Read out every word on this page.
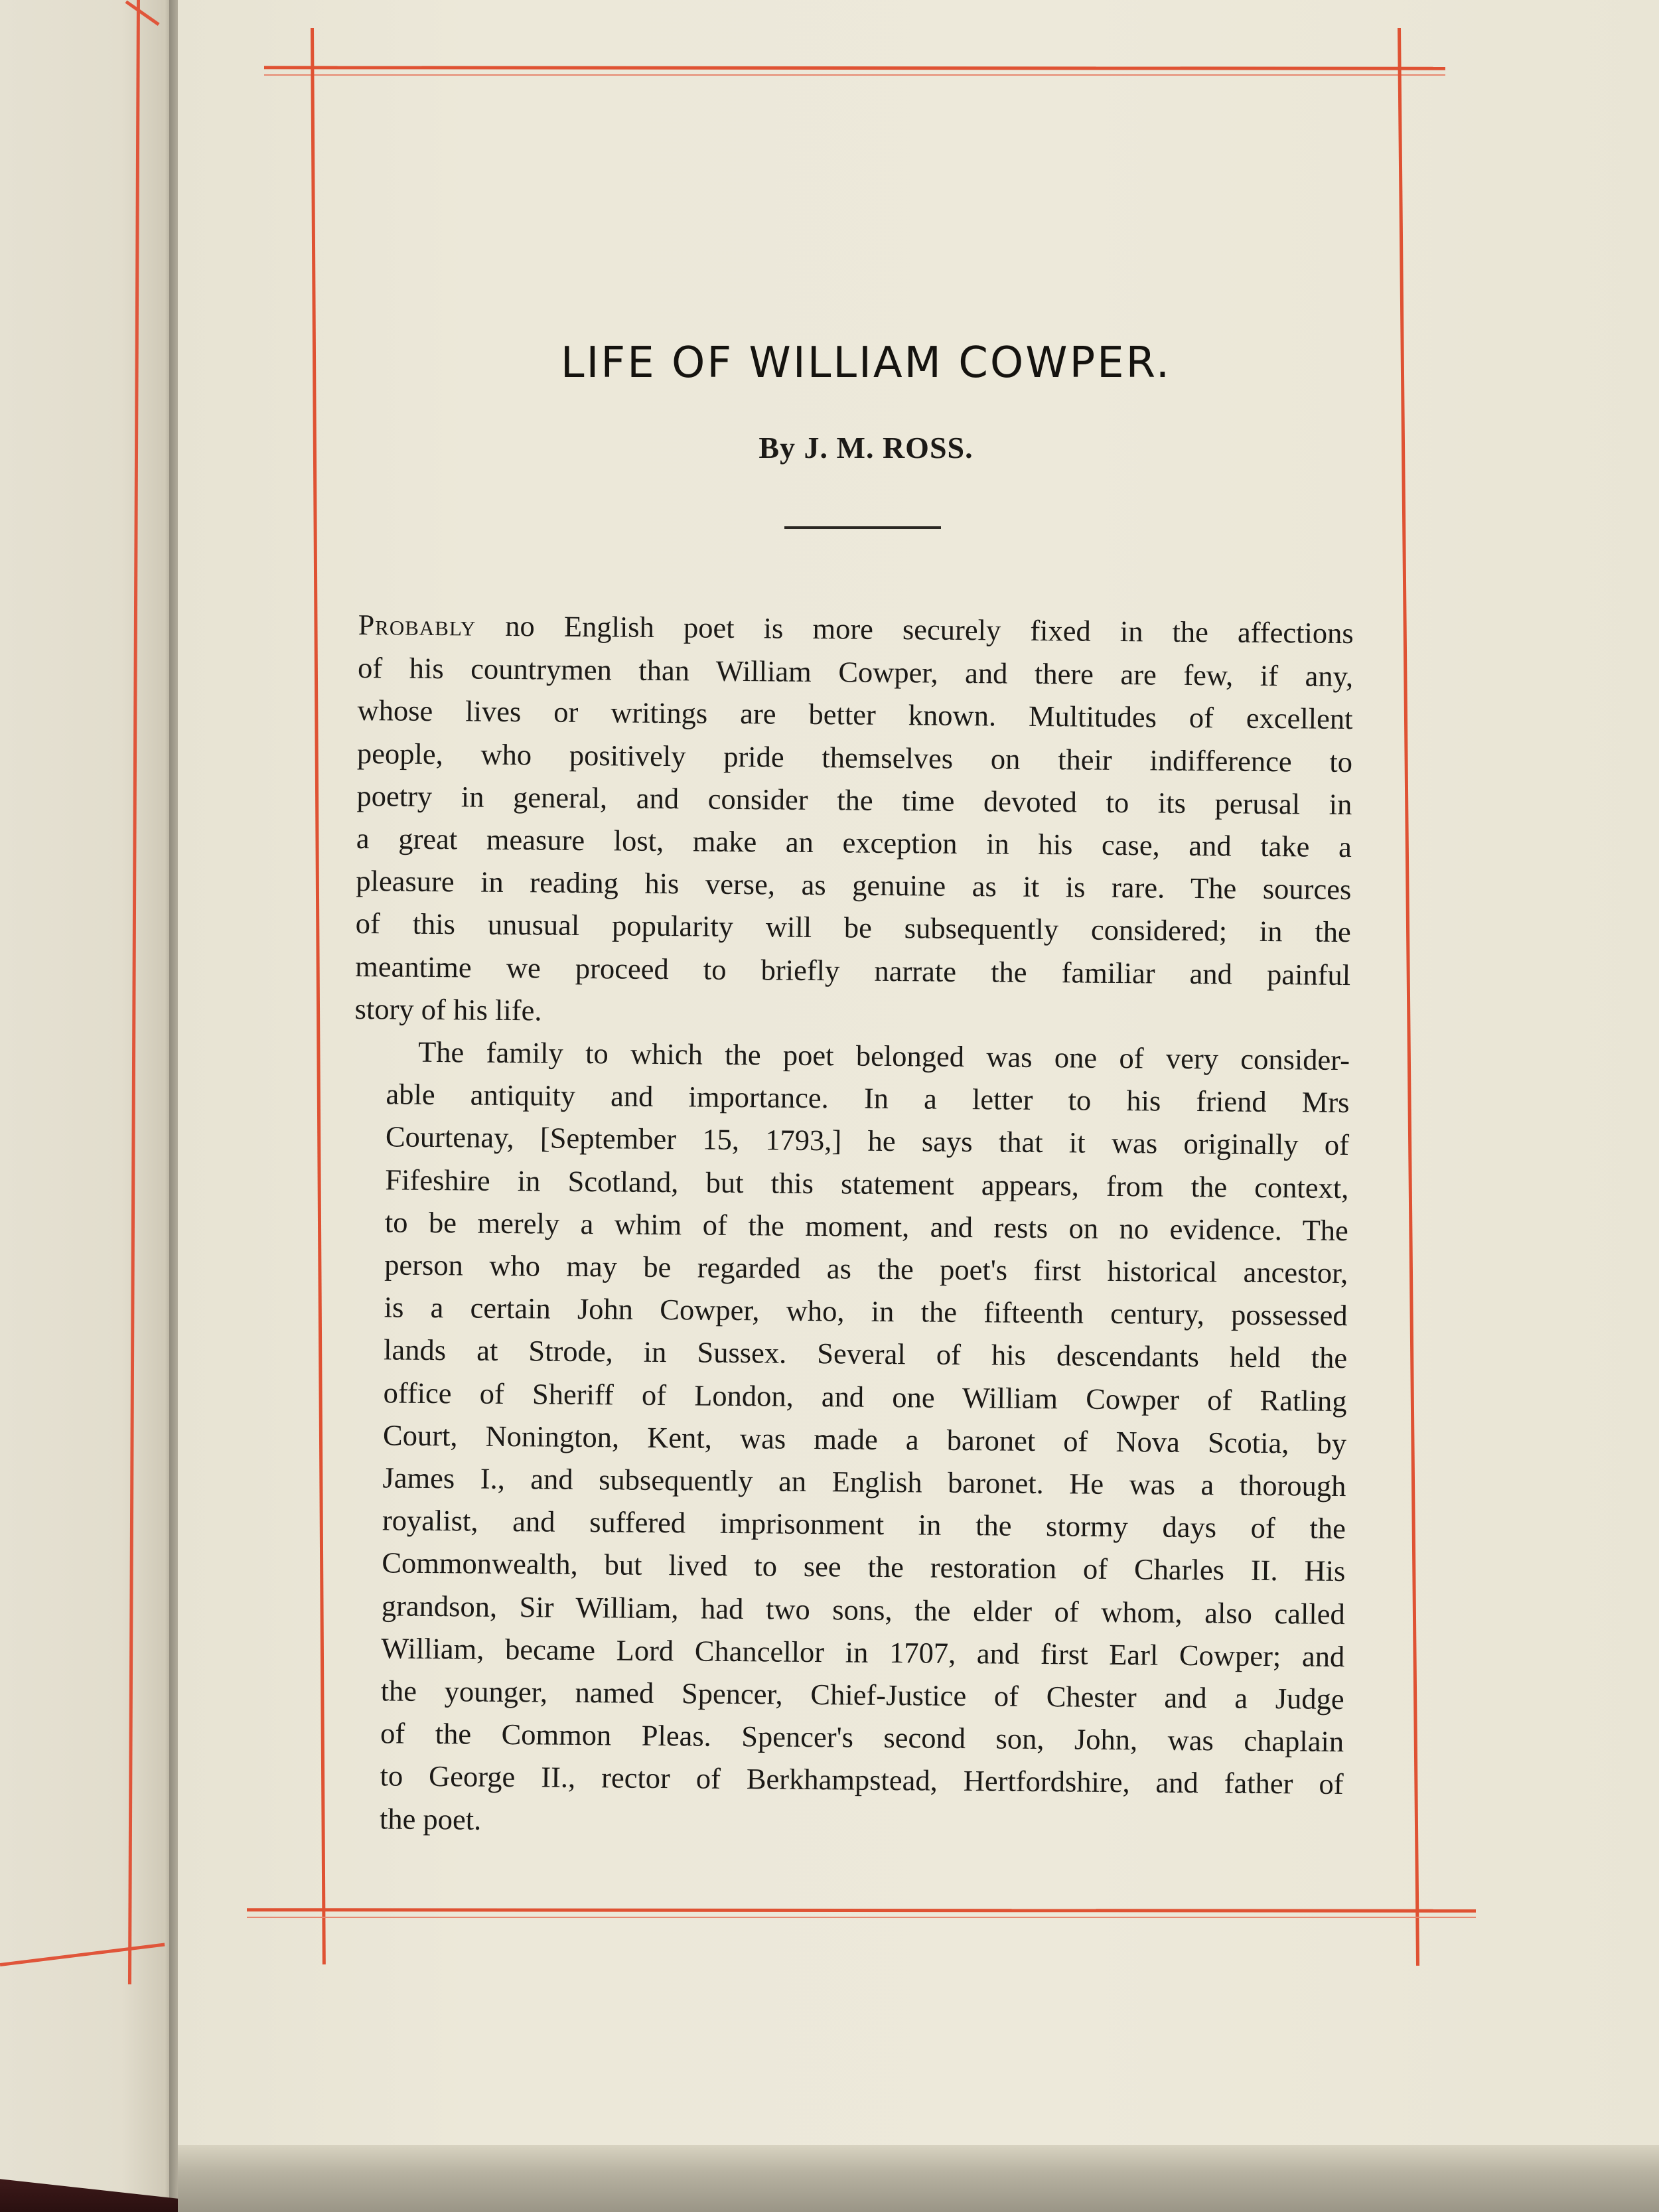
LIFE OF WILLIAM COWPER.
By J. M. ROSS.

Probably no English poet is more securely fixed in the affections
of his countrymen than William Cowper, and there are few, if any,
whose lives or writings are better known. Multitudes of excellent
people, who positively pride themselves on their indifference to
poetry in general, and consider the time devoted to its perusal in
a great measure lost, make an exception in his case, and take a
pleasure in reading his verse, as genuine as it is rare. The sources
of this unusual popularity will be subsequently considered; in the
meantime we proceed to briefly narrate the familiar and painful
story of his life.

The family to which the poet belonged was one of very consider-
able antiquity and importance. In a letter to his friend Mrs
Courtenay, [September 15, 1793,] he says that it was originally of
Fifeshire in Scotland, but this statement appears, from the context,
to be merely a whim of the moment, and rests on no evidence. The
person who may be regarded as the poet's first historical ancestor,
is a certain John Cowper, who, in the fifteenth century, possessed
lands at Strode, in Sussex. Several of his descendants held the
office of Sheriff of London, and one William Cowper of Ratling
Court, Nonington, Kent, was made a baronet of Nova Scotia, by
James I., and subsequently an English baronet. He was a thorough
royalist, and suffered imprisonment in the stormy days of the
Commonwealth, but lived to see the restoration of Charles II. His
grandson, Sir William, had two sons, the elder of whom, also called
William, became Lord Chancellor in 1707, and first Earl Cowper; and
the younger, named Spencer, Chief-Justice of Chester and a Judge
of the Common Pleas. Spencer's second son, John, was chaplain
to George II., rector of Berkhampstead, Hertfordshire, and father of
the poet.
